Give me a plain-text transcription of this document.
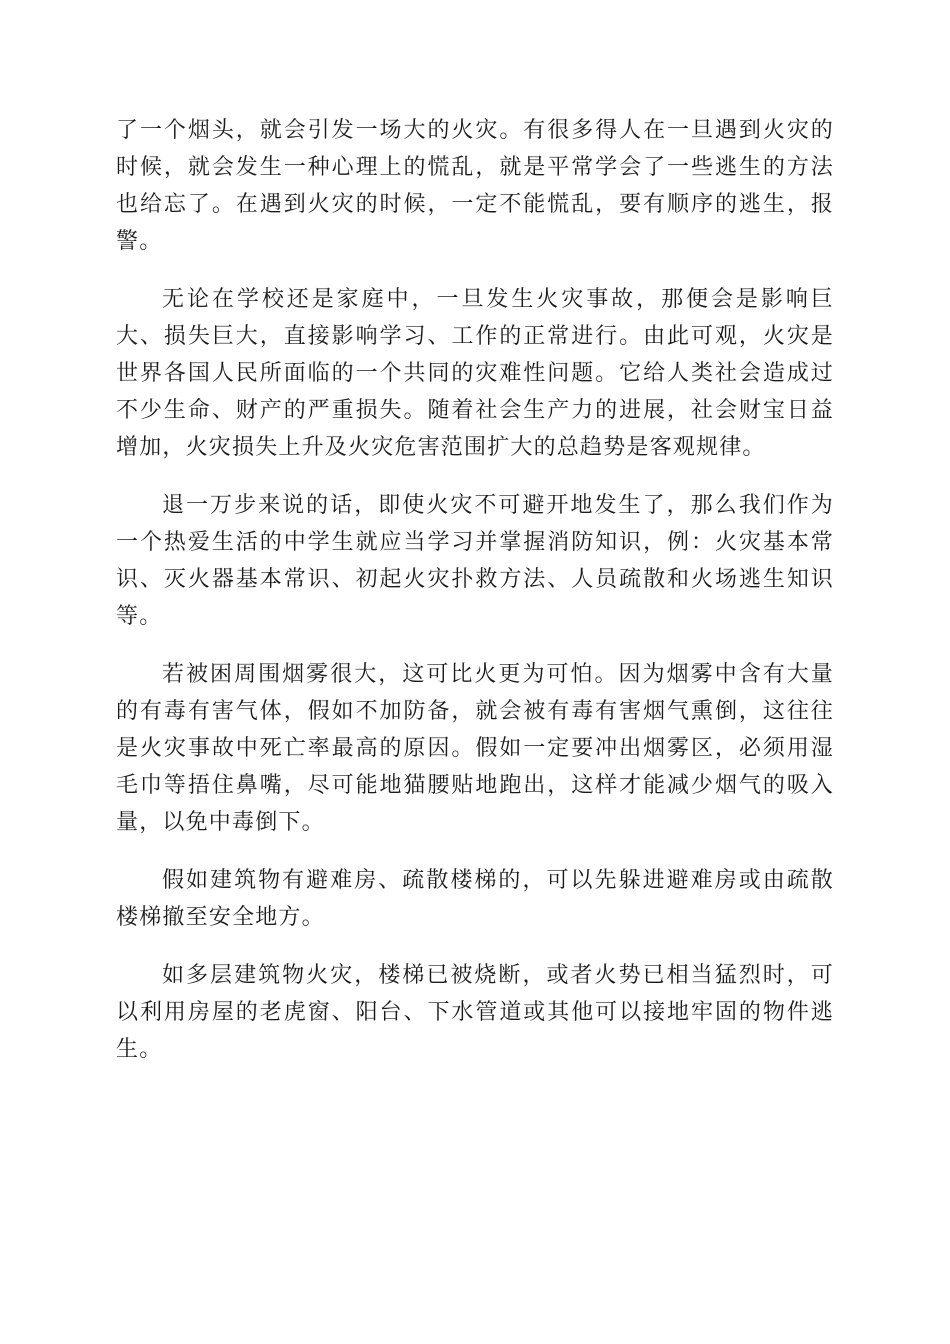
了一个烟头，就会引发一场大的火灾。有很多得人在一旦遇到火灾的时候，就会发生一种心理上的慌乱，就是平常学会了一些逃生的方法也给忘了。在遇到火灾的时候，一定不能慌乱，要有顺序的逃生，报警。

无论在学校还是家庭中，一旦发生火灾事故，那便会是影响巨大、损失巨大，直接影响学习、工作的正常进行。由此可观，火灾是世界各国人民所面临的一个共同的灾难性问题。它给人类社会造成过不少生命、财产的严重损失。随着社会生产力的进展，社会财宝日益增加，火灾损失上升及火灾危害范围扩大的总趋势是客观规律。

退一万步来说的话，即使火灾不可避开地发生了，那么我们作为一个热爱生活的中学生就应当学习并掌握消防知识，例：火灾基本常识、灭火器基本常识、初起火灾扑救方法、人员疏散和火场逃生知识等。

若被困周围烟雾很大，这可比火更为可怕。因为烟雾中含有大量的有毒有害气体，假如不加防备，就会被有毒有害烟气熏倒，这往往是火灾事故中死亡率最高的原因。假如一定要冲出烟雾区，必须用湿毛巾等捂住鼻嘴，尽可能地猫腰贴地跑出，这样才能减少烟气的吸入量，以免中毒倒下。

假如建筑物有避难房、疏散楼梯的，可以先躲进避难房或由疏散楼梯撤至安全地方。

如多层建筑物火灾，楼梯已被烧断，或者火势已相当猛烈时，可以利用房屋的老虎窗、阳台、下水管道或其他可以接地牢固的物件逃生。
